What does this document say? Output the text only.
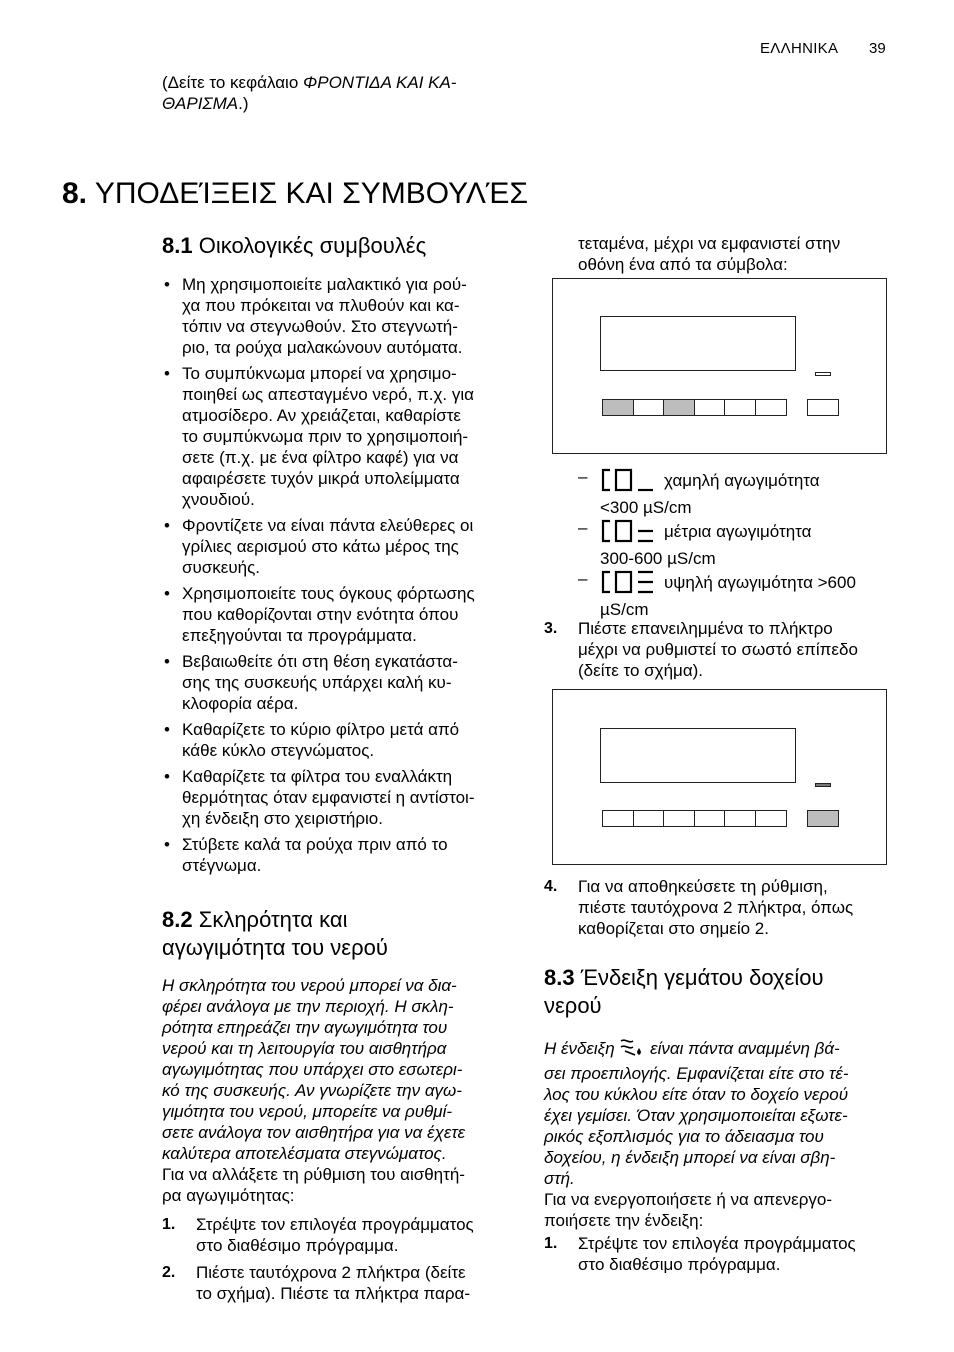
ΕΛΛΗΝΙΚΑ 39
(Δείτε το κεφάλαιο ΦΡΟΝΤΙΔΑ ΚΑΙ ΚΑ-
ΘΑΡΙΣΜΑ.)
8. ΥΠΟΔΕΊΞΕΙΣ ΚΑΙ ΣΥΜΒΟΥΛΈΣ
8.1 Οικολογικές συμβουλές
• Μη χρησιμοποιείτε μαλακτικό για ρού-
χα που πρόκειται να πλυθούν και κα-
τόπιν να στεγνωθούν. Στο στεγνωτή-
ριο, τα ρούχα μαλακώνουν αυτόματα.
• Το συμπύκνωμα μπορεί να χρησιμο-
ποιηθεί ως απεσταγμένο νερό, π.χ. για
ατμοσίδερο. Αν χρειάζεται, καθαρίστε
το συμπύκνωμα πριν το χρησιμοποιή-
σετε (π.χ. με ένα φίλτρο καφέ) για να
αφαιρέσετε τυχόν μικρά υπολείμματα
χνουδιού.
• Φροντίζετε να είναι πάντα ελεύθερες οι
γρίλιες αερισμού στο κάτω μέρος της
συσκευής.
• Χρησιμοποιείτε τους όγκους φόρτωσης
που καθορίζονται στην ενότητα όπου
επεξηγούνται τα προγράμματα.
• Βεβαιωθείτε ότι στη θέση εγκατάστα-
σης της συσκευής υπάρχει καλή κυ-
κλοφορία αέρα.
• Καθαρίζετε το κύριο φίλτρο μετά από
κάθε κύκλο στεγνώματος.
• Καθαρίζετε τα φίλτρα του εναλλάκτη
θερμότητας όταν εμφανιστεί η αντίστοι-
χη ένδειξη στο χειριστήριο.
• Στύβετε καλά τα ρούχα πριν από το
στέγνωμα.
8.2 Σκληρότητα και
αγωγιμότητα του νερού
Η σκληρότητα του νερού μπορεί να δια-
φέρει ανάλογα με την περιοχή. Η σκλη-
ρότητα επηρεάζει την αγωγιμότητα του
νερού και τη λειτουργία του αισθητήρα
αγωγιμότητας που υπάρχει στο εσωτερι-
κό της συσκευής. Αν γνωρίζετε την αγω-
γιμότητα του νερού, μπορείτε να ρυθμί-
σετε ανάλογα τον αισθητήρα για να έχετε
καλύτερα αποτελέσματα στεγνώματος.
Για να αλλάξετε τη ρύθμιση του αισθητή-
ρα αγωγιμότητας:
1. Στρέψτε τον επιλογέα προγράμματος
στο διαθέσιμο πρόγραμμα.
2. Πιέστε ταυτόχρονα 2 πλήκτρα (δείτε
το σχήμα). Πιέστε τα πλήκτρα παρα-
τεταμένα, μέχρι να εμφανιστεί στην
οθόνη ένα από τα σύμβολα:
–	χαμηλή αγωγιμότητα
<300 µS/cm
–	μέτρια αγωγιμότητα
300-600 µS/cm
–	υψηλή αγωγιμότητα >600
µS/cm
3. Πιέστε επανειλημμένα το πλήκτρο
μέχρι να ρυθμιστεί το σωστό επίπεδο
(δείτε το σχήμα).
4. Για να αποθηκεύσετε τη ρύθμιση,
πιέστε ταυτόχρονα 2 πλήκτρα, όπως
καθορίζεται στο σημείο 2.
8.3 Ένδειξη γεμάτου δοχείου
νερού
Η ένδειξη  είναι πάντα αναμμένη βά-
σει προεπιλογής. Εμφανίζεται είτε στο τέ-
λος του κύκλου είτε όταν το δοχείο νερού
έχει γεμίσει. Όταν χρησιμοποιείται εξωτε-
ρικός εξοπλισμός για το άδειασμα του
δοχείου, η ένδειξη μπορεί να είναι σβη-
στή.
Για να ενεργοποιήσετε ή να απενεργο-
ποιήσετε την ένδειξη:
1. Στρέψτε τον επιλογέα προγράμματος
στο διαθέσιμο πρόγραμμα.
